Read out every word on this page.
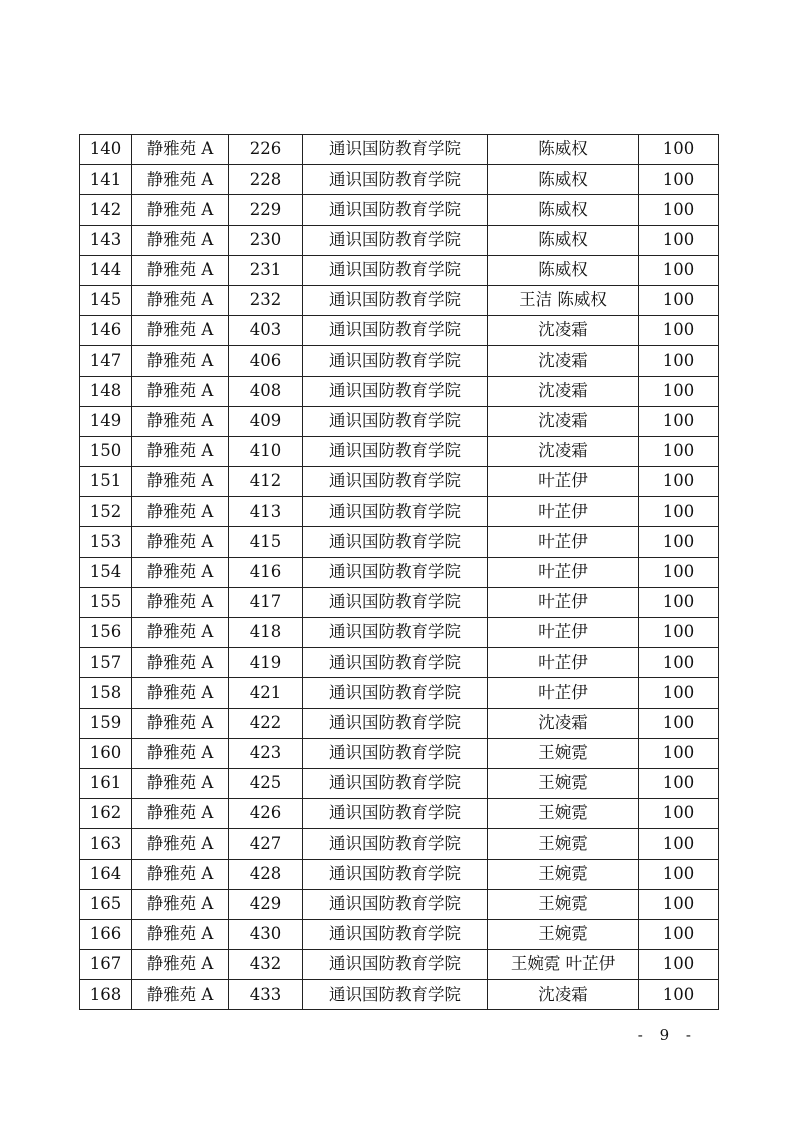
140	静雅苑 A	226	通识国防教育学院	陈威权	100
141	静雅苑 A	228	通识国防教育学院	陈威权	100
142	静雅苑 A	229	通识国防教育学院	陈威权	100
143	静雅苑 A	230	通识国防教育学院	陈威权	100
144	静雅苑 A	231	通识国防教育学院	陈威权	100
145	静雅苑 A	232	通识国防教育学院	王洁 陈威权	100
146	静雅苑 A	403	通识国防教育学院	沈凌霜	100
147	静雅苑 A	406	通识国防教育学院	沈凌霜	100
148	静雅苑 A	408	通识国防教育学院	沈凌霜	100
149	静雅苑 A	409	通识国防教育学院	沈凌霜	100
150	静雅苑 A	410	通识国防教育学院	沈凌霜	100
151	静雅苑 A	412	通识国防教育学院	叶芷伊	100
152	静雅苑 A	413	通识国防教育学院	叶芷伊	100
153	静雅苑 A	415	通识国防教育学院	叶芷伊	100
154	静雅苑 A	416	通识国防教育学院	叶芷伊	100
155	静雅苑 A	417	通识国防教育学院	叶芷伊	100
156	静雅苑 A	418	通识国防教育学院	叶芷伊	100
157	静雅苑 A	419	通识国防教育学院	叶芷伊	100
158	静雅苑 A	421	通识国防教育学院	叶芷伊	100
159	静雅苑 A	422	通识国防教育学院	沈凌霜	100
160	静雅苑 A	423	通识国防教育学院	王婉霓	100
161	静雅苑 A	425	通识国防教育学院	王婉霓	100
162	静雅苑 A	426	通识国防教育学院	王婉霓	100
163	静雅苑 A	427	通识国防教育学院	王婉霓	100
164	静雅苑 A	428	通识国防教育学院	王婉霓	100
165	静雅苑 A	429	通识国防教育学院	王婉霓	100
166	静雅苑 A	430	通识国防教育学院	王婉霓	100
167	静雅苑 A	432	通识国防教育学院	王婉霓 叶芷伊	100
168	静雅苑 A	433	通识国防教育学院	沈凌霜	100
- 9 -
